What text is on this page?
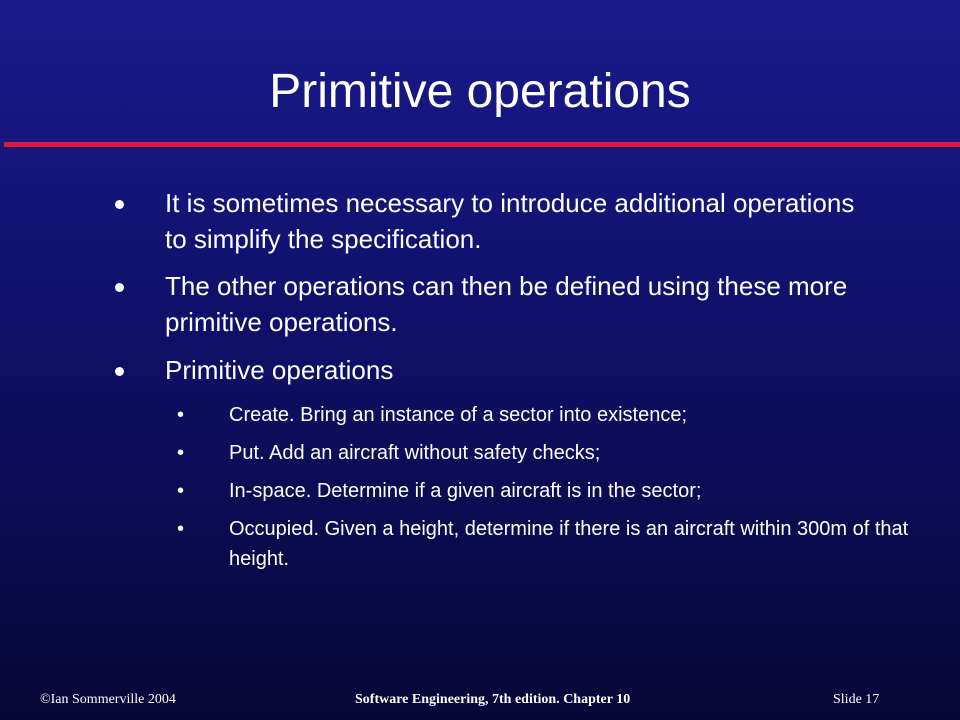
Primitive operations
It is sometimes necessary to introduce additional operations to simplify the specification.
The other operations can then be defined using these more primitive operations.
Primitive operations
• Create. Bring an instance of a sector into existence;
• Put. Add an aircraft without safety checks;
• In-space. Determine if a given aircraft is in the sector;
• Occupied. Given a height, determine if there is an aircraft within 300m of that height.
©Ian Sommerville 2004	Software Engineering, 7th edition. Chapter 10	Slide 17
